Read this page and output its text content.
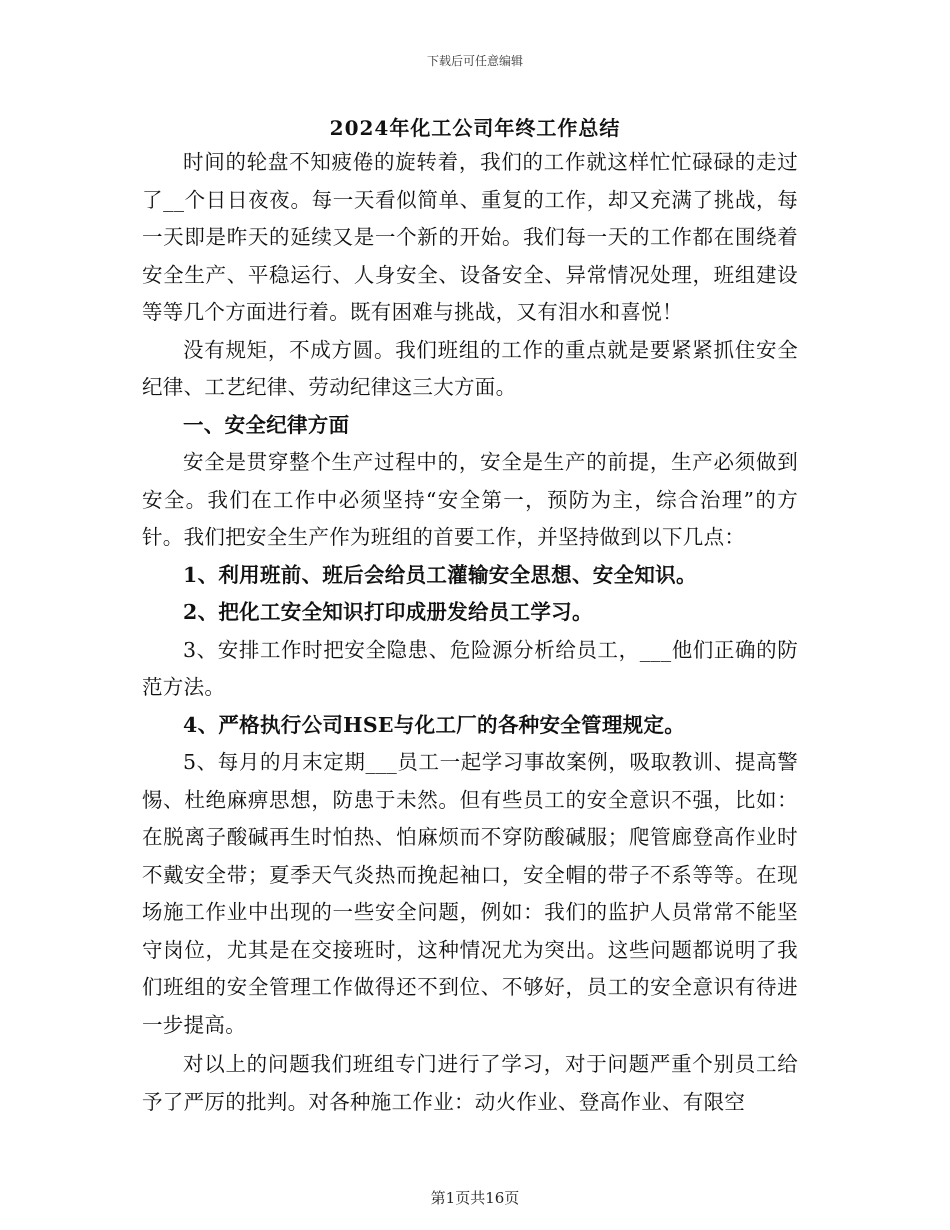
下载后可任意编辑
2024年化工公司年终工作总结

时间的轮盘不知疲倦的旋转着，我们的工作就这样忙忙碌碌的走过了__个日日夜夜。每一天看似简单、重复的工作，却又充满了挑战，每一天即是昨天的延续又是一个新的开始。我们每一天的工作都在围绕着安全生产、平稳运行、人身安全、设备安全、异常情况处理，班组建设等等几个方面进行着。既有困难与挑战，又有泪水和喜悦！

没有规矩，不成方圆。我们班组的工作的重点就是要紧紧抓住安全纪律、工艺纪律、劳动纪律这三大方面。

一、安全纪律方面

安全是贯穿整个生产过程中的，安全是生产的前提，生产必须做到安全。我们在工作中必须坚持“安全第一，预防为主，综合治理”的方针。我们把安全生产作为班组的首要工作，并坚持做到以下几点：

1、利用班前、班后会给员工灌输安全思想、安全知识。

2、把化工安全知识打印成册发给员工学习。

3、安排工作时把安全隐患、危险源分析给员工，___他们正确的防范方法。

4、严格执行公司HSE与化工厂的各种安全管理规定。

5、每月的月末定期___员工一起学习事故案例，吸取教训、提高警惕、杜绝麻痹思想，防患于未然。但有些员工的安全意识不强，比如：在脱离子酸碱再生时怕热、怕麻烦而不穿防酸碱服；爬管廊登高作业时不戴安全带；夏季天气炎热而挽起袖口，安全帽的带子不系等等。在现场施工作业中出现的一些安全问题，例如：我们的监护人员常常不能坚守岗位，尤其是在交接班时，这种情况尤为突出。这些问题都说明了我们班组的安全管理工作做得还不到位、不够好，员工的安全意识有待进一步提高。

对以上的问题我们班组专门进行了学习，对于问题严重个别员工给予了严厉的批判。对各种施工作业：动火作业、登高作业、有限空

第1页共16页
